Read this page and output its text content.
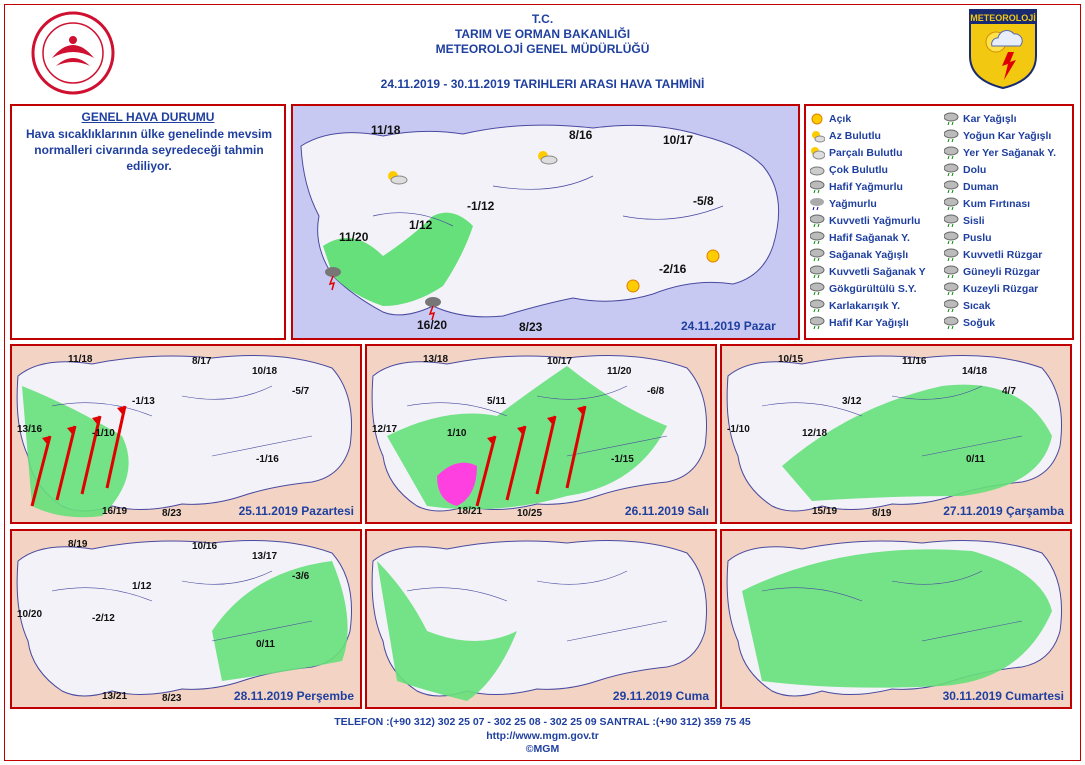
T.C.
TARIM VE ORMAN BAKANLIĞI
METEOROLOJİ GENEL MÜDÜRLÜĞÜ
24.11.2019 - 30.11.2019 TARIHLERI ARASI HAVA TAHMİNİ
METEOROLOJİ
GENEL HAVA DURUMU
Hava sıcaklıklarının ülke genelinde mevsim normalleri civarında seyredeceği tahmin ediliyor.
11/18	8/16	10/17
-1/12
1/12
11/20
-5/8
-2/16
16/20	8/23	24.11.2019 Pazar
Açık
Az Bulutlu
Parçalı Bulutlu
Çok Bulutlu
Hafif Yağmurlu
Yağmurlu
Kuvvetli Yağmurlu
Hafif Sağanak Y.
Sağanak Yağışlı
Kuvvetli Sağanak Y
Gökgürültülü S.Y.
Karlakarışık Y.
Hafif Kar Yağışlı
Kar Yağışlı
Yoğun Kar Yağışlı
Yer Yer Sağanak Y.
Dolu
Duman
Kum Fırtınası
Sisli
Puslu
Kuvvetli Rüzgar
Güneyli Rüzgar
Kuzeyli Rüzgar
Sıcak
Soğuk
11/18	8/17
10/18
-1/13
-5/7
13/16	-1/10
-1/16
16/19	8/23	25.11.2019 Pazartesi
13/18	10/17
11/20
5/11
-6/8
12/17	1/10
-1/15
18/21	10/25	26.11.2019 Salı
10/15	11/16
14/18
3/12
4/7
-1/10	12/18
0/11
15/19	8/19	27.11.2019 Çarşamba
8/19	10/16
13/17
1/12
-3/6
10/20	-2/12
0/11
13/21	8/23	28.11.2019 Perşembe	29.11.2019 Cuma	30.11.2019 Cumartesi
TELEFON :(+90 312) 302 25 07 - 302 25 08 - 302 25 09 SANTRAL :(+90 312) 359 75 45
http://www.mgm.gov.tr
©MGM
